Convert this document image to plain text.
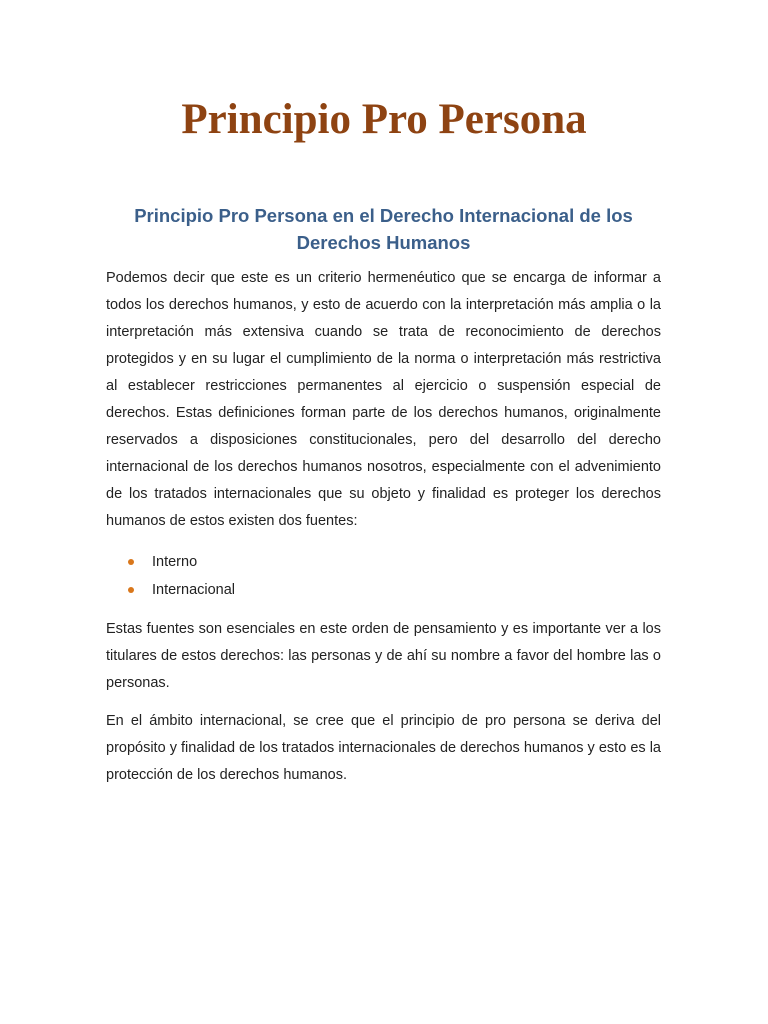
Principio Pro Persona
Principio Pro Persona en el Derecho Internacional de los Derechos Humanos

Podemos decir que este es un criterio hermenéutico que se encarga de informar a todos los derechos humanos, y esto de acuerdo con la interpretación más amplia o la interpretación más extensiva cuando se trata de reconocimiento de derechos protegidos y en su lugar el cumplimiento de la norma o interpretación más restrictiva al establecer restricciones permanentes al ejercicio o suspensión especial de derechos. Estas definiciones forman parte de los derechos humanos, originalmente reservados a disposiciones constitucionales, pero del desarrollo del derecho internacional de los derechos humanos nosotros, especialmente con el advenimiento de los tratados internacionales que su objeto y finalidad es proteger los derechos humanos de estos existen dos fuentes:

Interno
Internacional

Estas fuentes son esenciales en este orden de pensamiento y es importante ver a los titulares de estos derechos: las personas y de ahí su nombre a favor del hombre las o personas.

En el ámbito internacional, se cree que el principio de pro persona se deriva del propósito y finalidad de los tratados internacionales de derechos humanos y esto es la protección de los derechos humanos.
